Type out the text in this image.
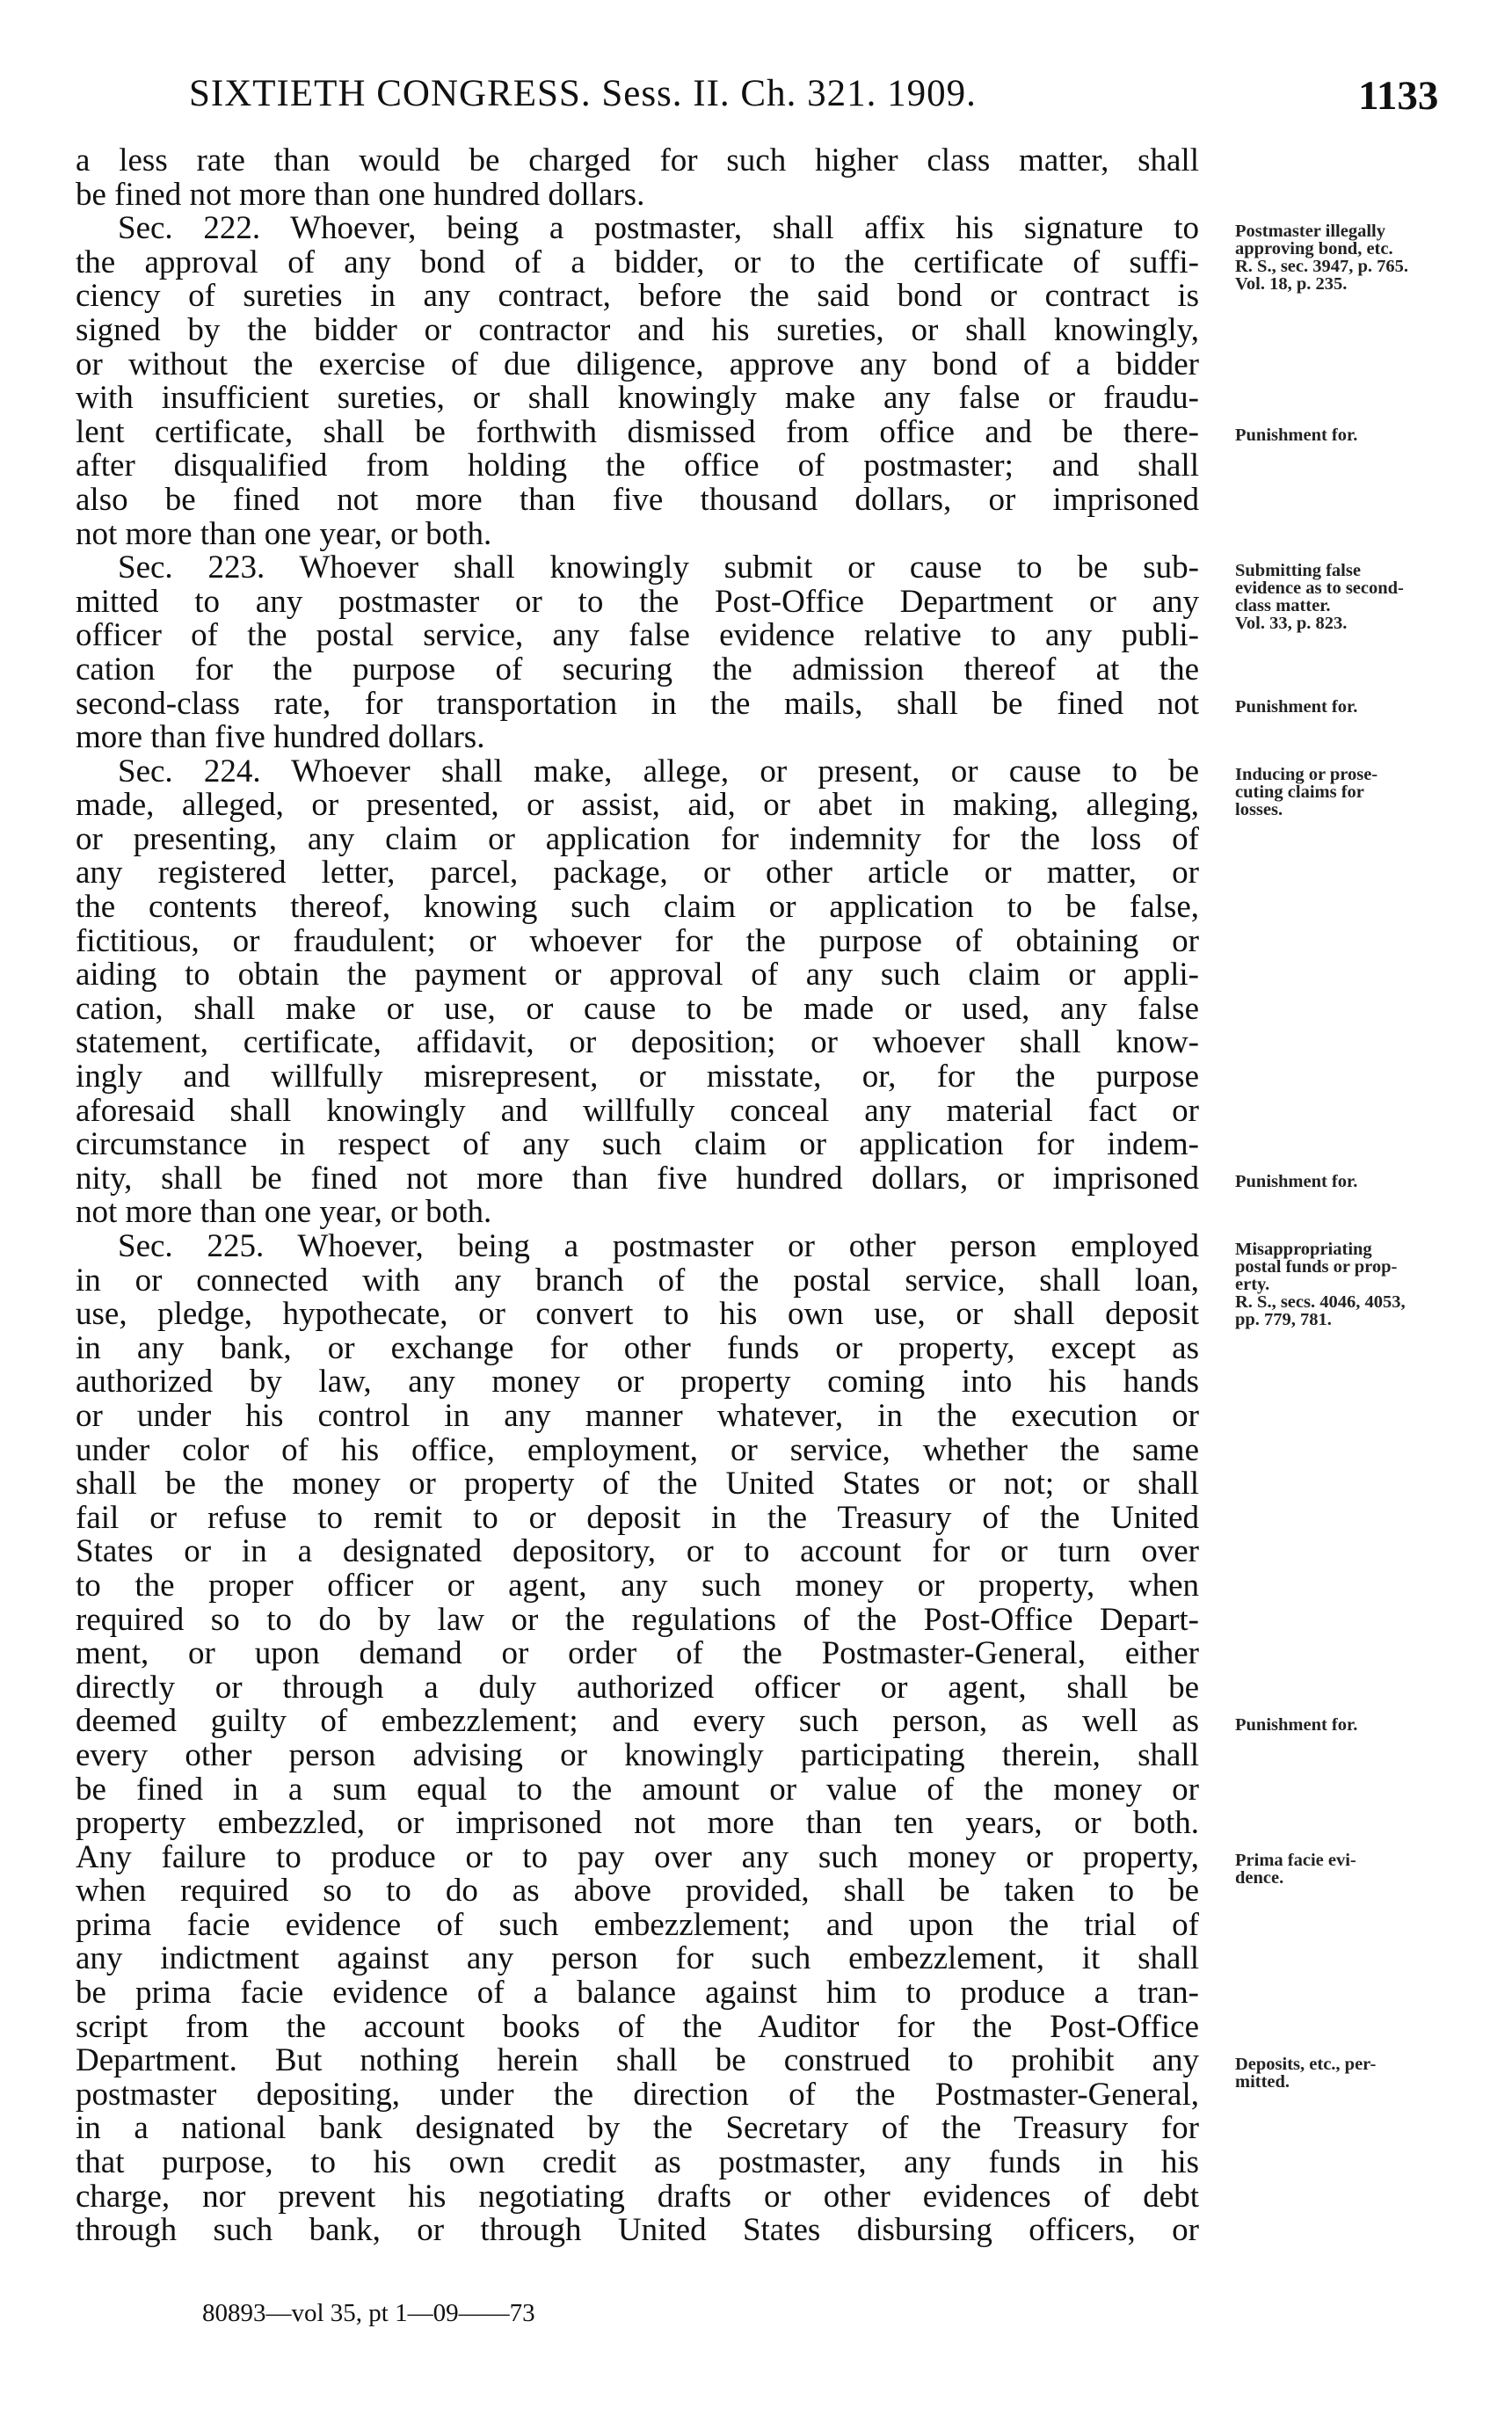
SIXTIETH CONGRESS. Sess. II. Ch. 321. 1909.	1133
a less rate than would be charged for such higher class matter, shall
be fined not more than one hundred dollars.
Sec. 222. Whoever, being a postmaster, shall affix his signature to
the approval of any bond of a bidder, or to the certificate of suffi-
ciency of sureties in any contract, before the said bond or contract is
signed by the bidder or contractor and his sureties, or shall knowingly,
or without the exercise of due diligence, approve any bond of a bidder
with insufficient sureties, or shall knowingly make any false or fraudu-
lent certificate, shall be forthwith dismissed from office and be there-
after disqualified from holding the office of postmaster; and shall
also be fined not more than five thousand dollars, or imprisoned
not more than one year, or both.
Sec. 223. Whoever shall knowingly submit or cause to be sub-
mitted to any postmaster or to the Post-Office Department or any
officer of the postal service, any false evidence relative to any publi-
cation for the purpose of securing the admission thereof at the
second-class rate, for transportation in the mails, shall be fined not
more than five hundred dollars.
Sec. 224. Whoever shall make, allege, or present, or cause to be
made, alleged, or presented, or assist, aid, or abet in making, alleging,
or presenting, any claim or application for indemnity for the loss of
any registered letter, parcel, package, or other article or matter, or
the contents thereof, knowing such claim or application to be false,
fictitious, or fraudulent; or whoever for the purpose of obtaining or
aiding to obtain the payment or approval of any such claim or appli-
cation, shall make or use, or cause to be made or used, any false
statement, certificate, affidavit, or deposition; or whoever shall know-
ingly and willfully misrepresent, or misstate, or, for the purpose
aforesaid shall knowingly and willfully conceal any material fact or
circumstance in respect of any such claim or application for indem-
nity, shall be fined not more than five hundred dollars, or imprisoned
not more than one year, or both.
Sec. 225. Whoever, being a postmaster or other person employed
in or connected with any branch of the postal service, shall loan,
use, pledge, hypothecate, or convert to his own use, or shall deposit
in any bank, or exchange for other funds or property, except as
authorized by law, any money or property coming into his hands
or under his control in any manner whatever, in the execution or
under color of his office, employment, or service, whether the same
shall be the money or property of the United States or not; or shall
fail or refuse to remit to or deposit in the Treasury of the United
States or in a designated depository, or to account for or turn over
to the proper officer or agent, any such money or property, when
required so to do by law or the regulations of the Post-Office Depart-
ment, or upon demand or order of the Postmaster-General, either
directly or through a duly authorized officer or agent, shall be
deemed guilty of embezzlement; and every such person, as well as
every other person advising or knowingly participating therein, shall
be fined in a sum equal to the amount or value of the money or
property embezzled, or imprisoned not more than ten years, or both.
Any failure to produce or to pay over any such money or property,
when required so to do as above provided, shall be taken to be
prima facie evidence of such embezzlement; and upon the trial of
any indictment against any person for such embezzlement, it shall
be prima facie evidence of a balance against him to produce a tran-
script from the account books of the Auditor for the Post-Office
Department. But nothing herein shall be construed to prohibit any
postmaster depositing, under the direction of the Postmaster-General,
in a national bank designated by the Secretary of the Treasury for
that purpose, to his own credit as postmaster, any funds in his
charge, nor prevent his negotiating drafts or other evidences of debt
through such bank, or through United States disbursing officers, or
Postmaster illegally
approving bond, etc.
R. S., sec. 3947, p. 765.
Vol. 18, p. 235.
Punishment for.
Submitting false
evidence as to second-
class matter.
Vol. 33, p. 823.
Punishment for.
Inducing or prose-
cuting claims for
losses.
Punishment for.
Misappropriating
postal funds or prop-
erty.
R. S., secs. 4046, 4053,
pp. 779, 781.
Punishment for.
Prima facie evi-
dence.
Deposits, etc., per-
mitted.
80893—vol 35, pt 1—09——73
